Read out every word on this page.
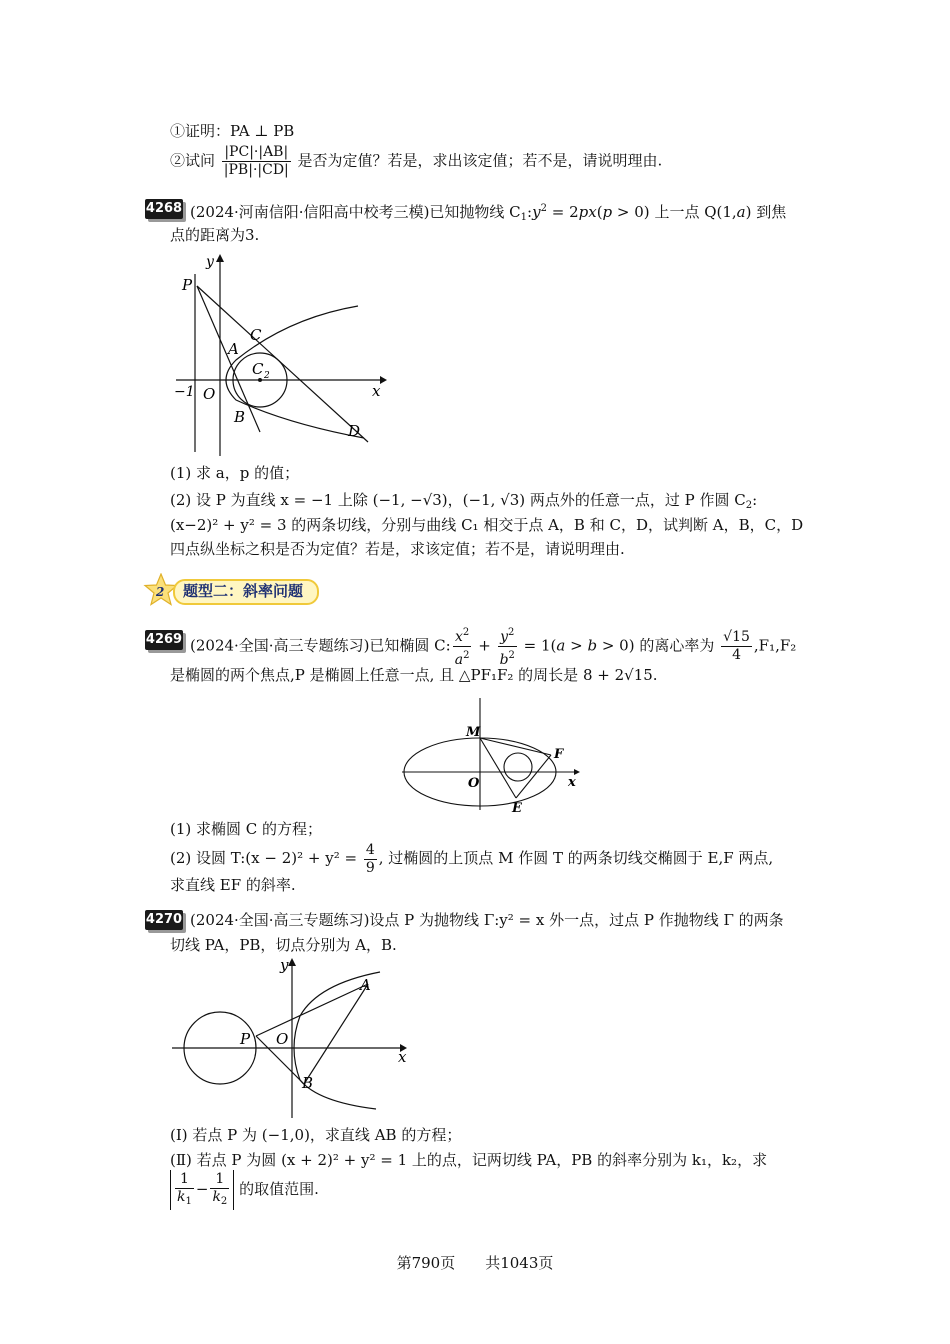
①证明：PA ⊥ PB
②试问 $\frac{|PC|\cdot|AB|}{|PB|\cdot|CD|}$ 是否为定值？若是，求出该定值；若不是，请说明理由.
4268 (2024·河南信阳·信阳高中校考三模)已知抛物线 $C_1:y^2 = 2px(p > 0)$ 上一点 Q(1,a) 到焦
点的距离为3.
y
P
C
A
C 2
−1 O	x
B
D
(1) 求 a，p 的值；
(2) 设 P 为直线 x = −1 上除 (−1, −√3)，(−1, √3) 两点外的任意一点，过 P 作圆 $C_2$:
(x−2)² + y² = 3 的两条切线，分别与曲线 C₁ 相交于点 A，B 和 C，D，试判断 A，B，C，D
四点纵坐标之积是否为定值？若是，求该定值；若不是，请说明理由.
2 题型二：斜率问题
4269 (2024·全国·高三专题练习)已知椭圆 C: $\frac{x^2}{a^2} + \frac{y^2}{b^2} = 1(a > b > 0)$ 的离心率为 $\frac{√15}{4} ,F_1,F_2$
是椭圆的两个焦点,P 是椭圆上任意一点, 且 △PF₁F₂ 的周长是 8 + 2√15.
M
F
O	x
E
(1) 求椭圆 C 的方程；
(2) 设圆 T:(x − $2)^2 + y^2 = \frac{4}{9}$ , 过椭圆的上顶点 M 作圆 T 的两条切线交椭圆于 E,F 两点,
求直线 EF 的斜率.
4270 (2024·全国·高三专题练习)设点 P 为抛物线 Γ:y² = x 外一点，过点 P 作抛物线 Γ 的两条
切线 PA，PB，切点分别为 A，B.
y
A
P O
x
B
(Ⅰ) 若点 P 为 (−1,0)，求直线 AB 的方程；
(Ⅱ) 若点 P 为圆 (x + 2)² + y² = 1 上的点，记两切线 PA，PB 的斜率分别为 k₁，k₂，求
$\frac{1}{k_1} - \frac{1}{k_2}$ 的取值范围.
第790页　　共1043页
